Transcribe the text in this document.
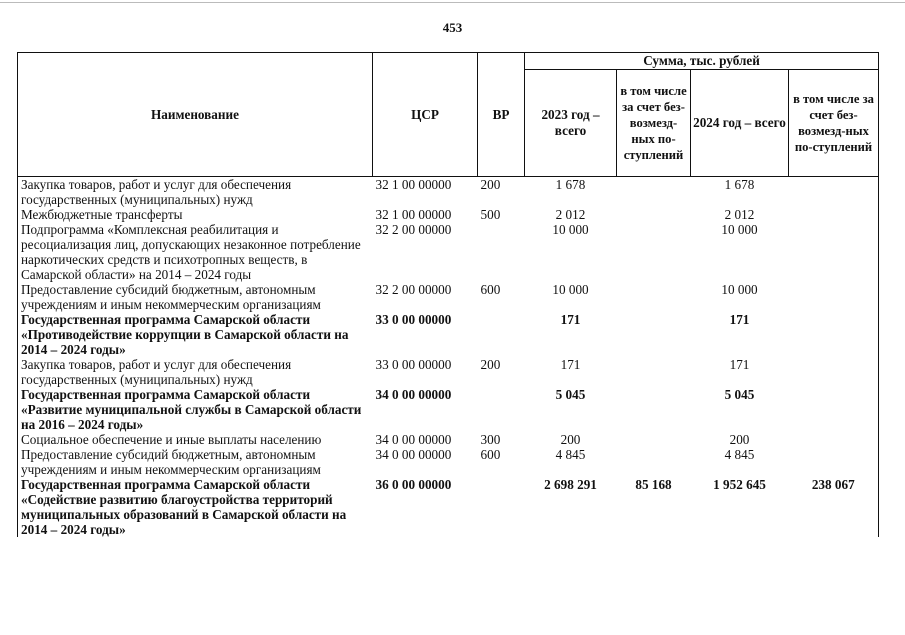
453
Наименование	ЦСР	ВР	Сумма, тыс. рублей			
			2023 год – всего	в том числе за счет без-возмезд-ных по-ступлений	2024 год – всего	в том числе за счет без-возмезд-ных по-ступлений
Закупка товаров, работ и услуг для обеспечения государственных (муниципальных) нужд	32 1 00 00000	200	1 678		1 678	
Межбюджетные трансферты	32 1 00 00000	500	2 012		2 012	
Подпрограмма «Комплексная реабилитация и ресоциализация лиц, допускающих незаконное потребление наркотических средств и психотропных веществ, в Самарской области» на 2014 – 2024 годы	32 2 00 00000		10 000		10 000	
Предоставление субсидий бюджетным, автономным учреждениям и иным некоммерческим организациям	32 2 00 00000	600	10 000		10 000	
Государственная программа Самарской области «Противодействие коррупции в Самарской области на 2014 – 2024 годы»	33 0 00 00000		171		171	
Закупка товаров, работ и услуг для обеспечения государственных (муниципальных) нужд	33 0 00 00000	200	171		171	
Государственная программа Самарской области «Развитие муниципальной службы в Самарской области на 2016 – 2024 годы»	34 0 00 00000		5 045		5 045	
Социальное обеспечение и иные выплаты населению	34 0 00 00000	300	200		200	
Предоставление субсидий бюджетным, автономным учреждениям и иным некоммерческим организациям	34 0 00 00000	600	4 845		4 845	
Государственная программа Самарской области «Содействие развитию благоустройства территорий муниципальных образований в Самарской области на 2014 – 2024 годы»	36 0 00 00000		2 698 291	85 168	1 952 645	238 067
